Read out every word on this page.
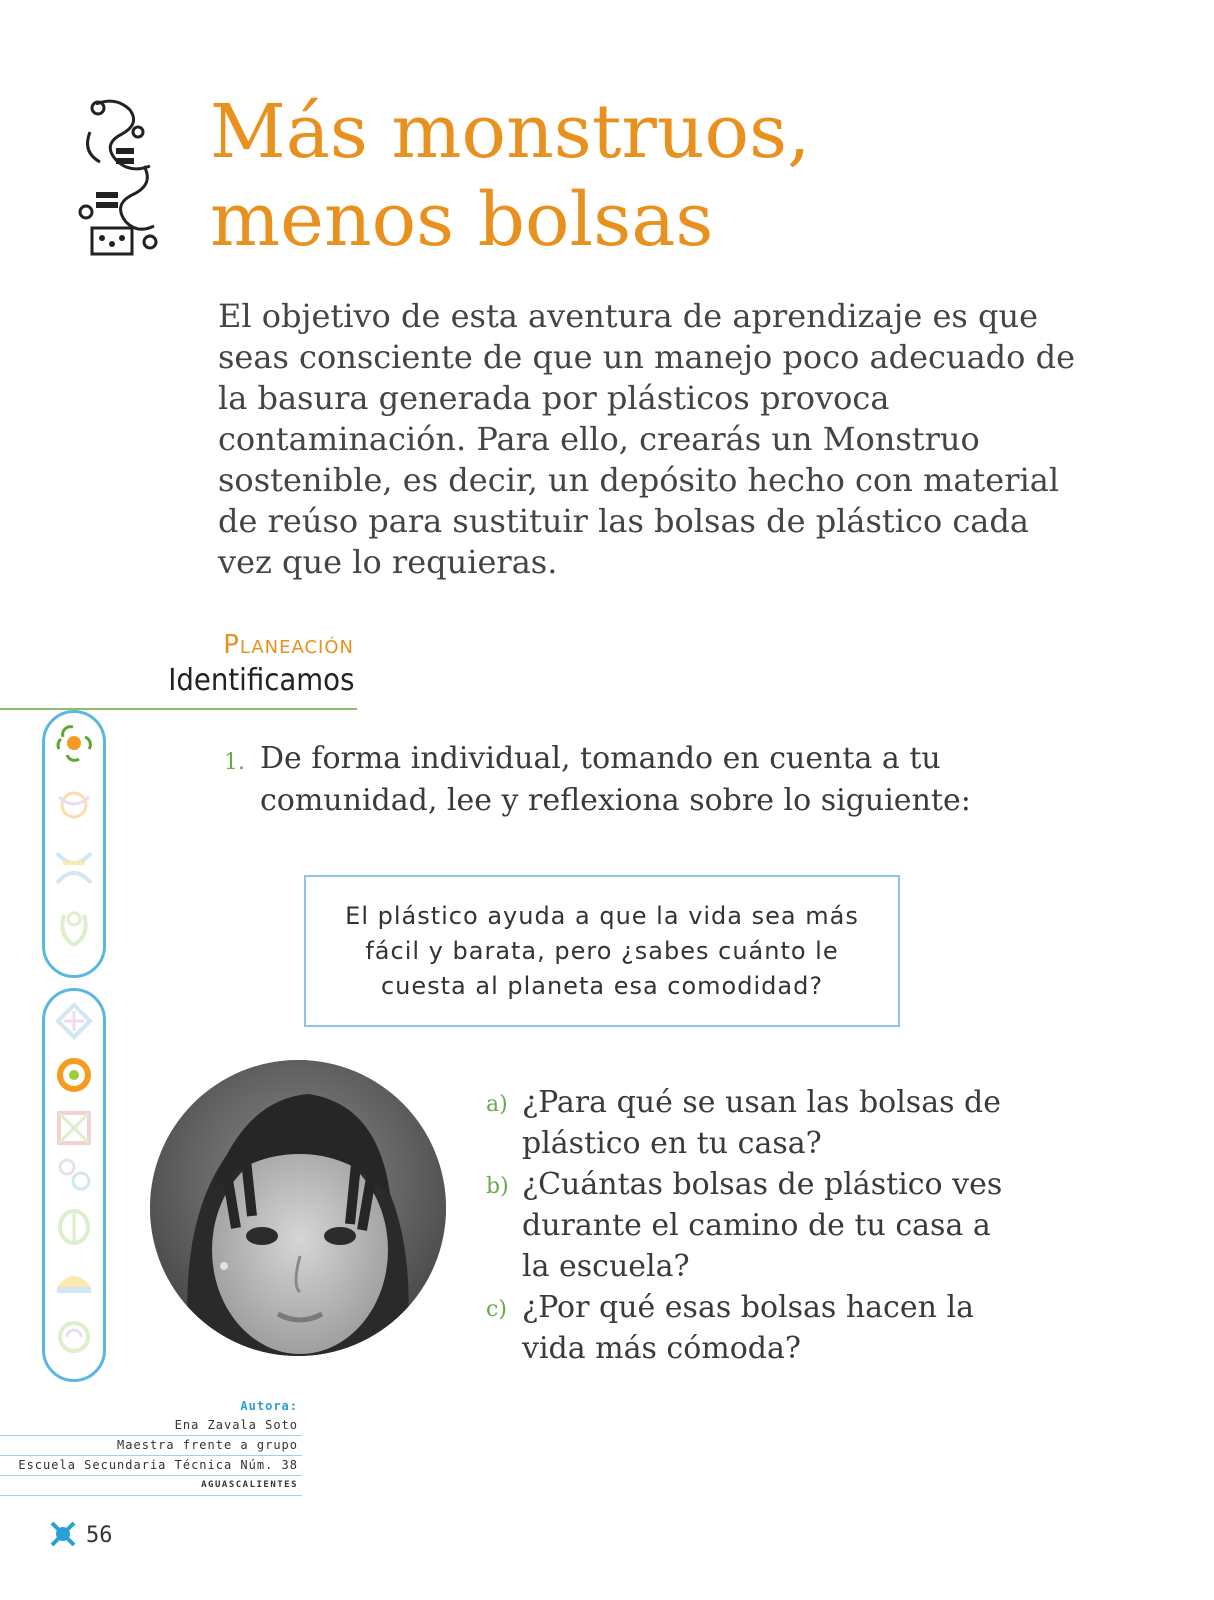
Más monstruos,
menos bolsas

El objetivo de esta aventura de aprendizaje es que seas consciente de que un manejo poco adecuado de la basura generada por plásticos provoca contaminación. Para ello, crearás un Monstruo sostenible, es decir, un depósito hecho con material de reúso para sustituir las bolsas de plástico cada vez que lo requieras.

Planeación
Identificamos
1. De forma individual, tomando en cuenta a tu comunidad, lee y reflexiona sobre lo siguiente:

El plástico ayuda a que la vida sea más fácil y barata, pero ¿sabes cuánto le cuesta al planeta esa comodidad?

a) ¿Para qué se usan las bolsas de plástico en tu casa?
b) ¿Cuántas bolsas de plástico ves durante el camino de tu casa a la escuela?
c) ¿Por qué esas bolsas hacen la vida más cómoda?
Autora:
Ena Zavala Soto
Maestra frente a grupo
Escuela Secundaria Técnica Núm. 38
AGUASCALIENTES
56
